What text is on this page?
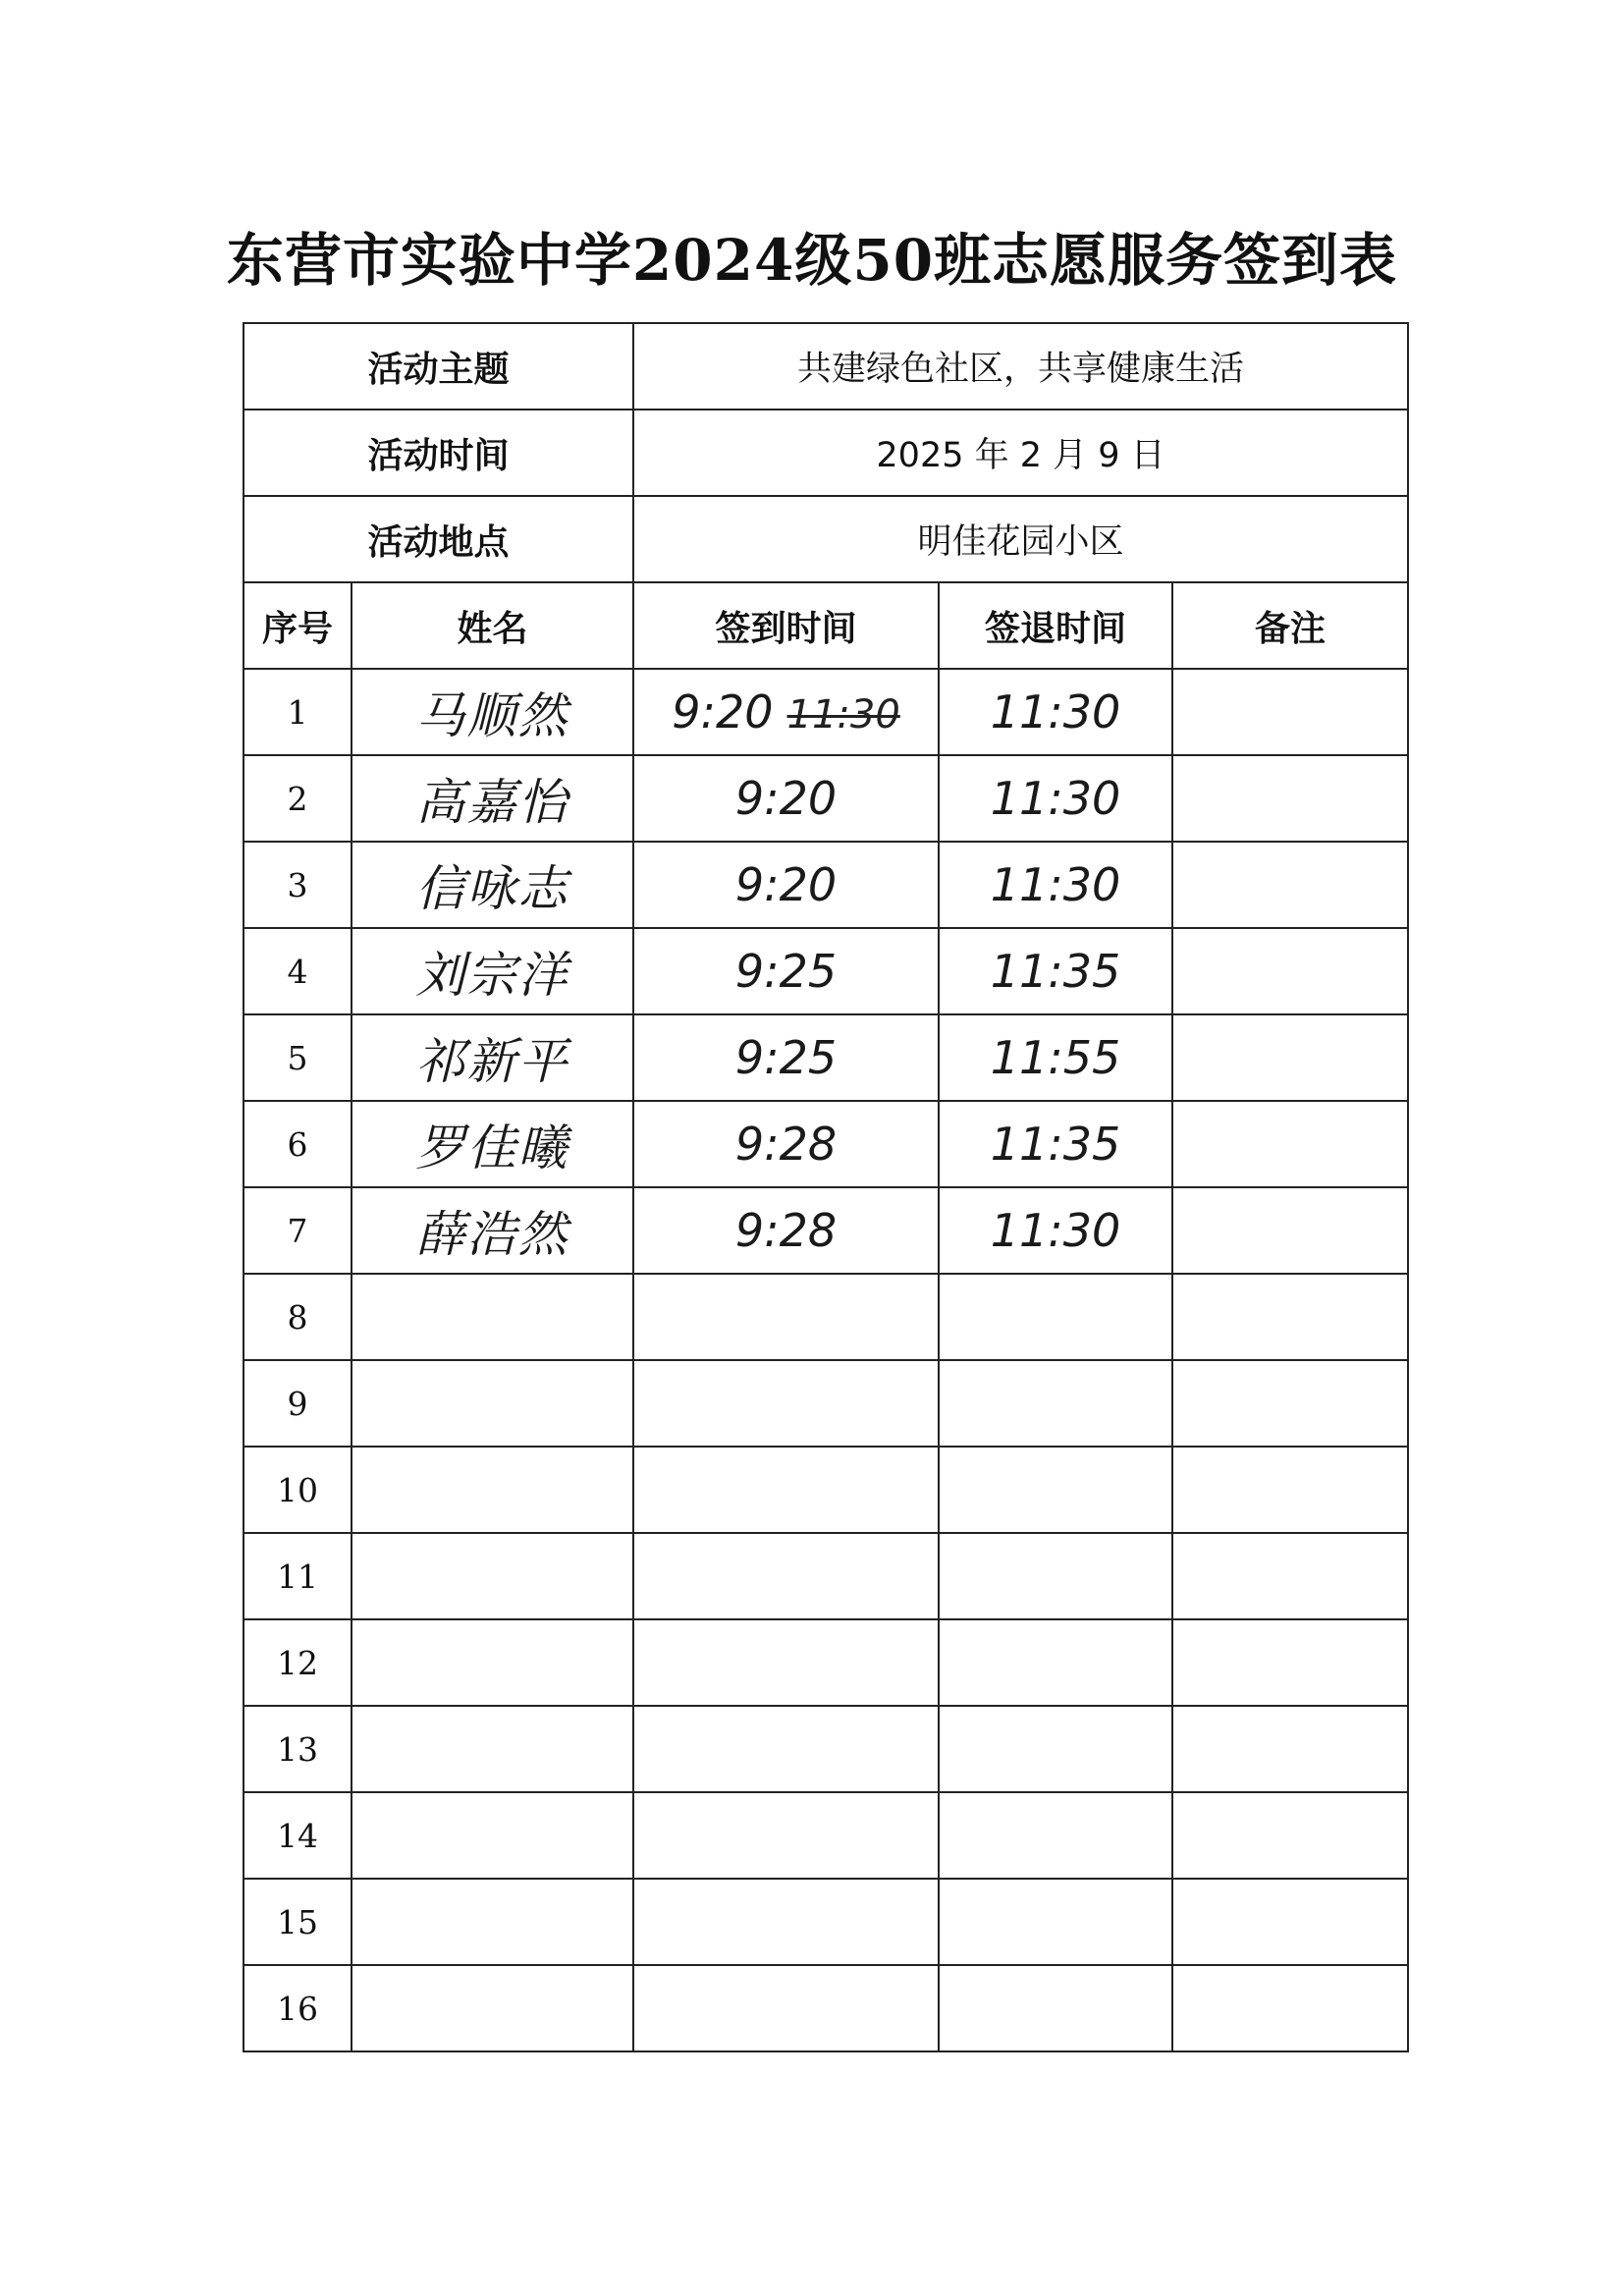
东营市实验中学2024级50班志愿服务签到表
活动主题		共建绿色社区，共享健康生活		
活动时间		2025 年 2 月 9 日		
活动地点		明佳花园小区		
序号	姓名	签到时间	签退时间	备注
1	马顺然	9:20 11:30	11:30	
2	高嘉怡	9:20	11:30	
3	信咏志	9:20	11:30	
4	刘宗洋	9:25	11:35	
5	祁新平	9:25	11:55	
6	罗佳曦	9:28	11:35	
7	薛浩然	9:28	11:30	
8				
9				
10				
11				
12				
13				
14				
15				
16				
